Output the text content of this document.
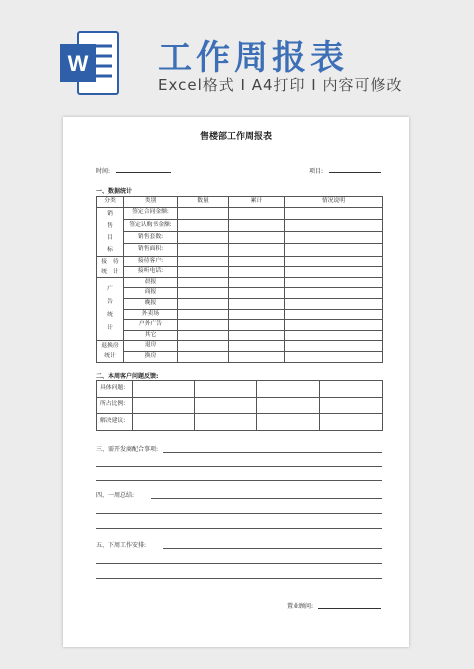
W 工作周报表
Excel格式 I A4打印 I 内容可修改
售楼部工作周报表
时间:	项目:
一、数据统计
分类	类别	数量	累计	情况说明

销
售
目
标	签定合同金额:			
	签定认购书金额:			
	销售套数:			
	销售面积:			

接　待
统　计	接待客户:			
	接听电话:			

广
告
统
计	晨报			
	商报			
	晚报			
	外卖场			
	户外广告			
	其它			

退换房
统计	退房			
	换房			
二、本周客户问题反馈:
具体问题:				
所占比例:				
解决建议:				
三、需开发商配合事项:
四、一周总结:
五、下周工作安排:
置业顾问:
